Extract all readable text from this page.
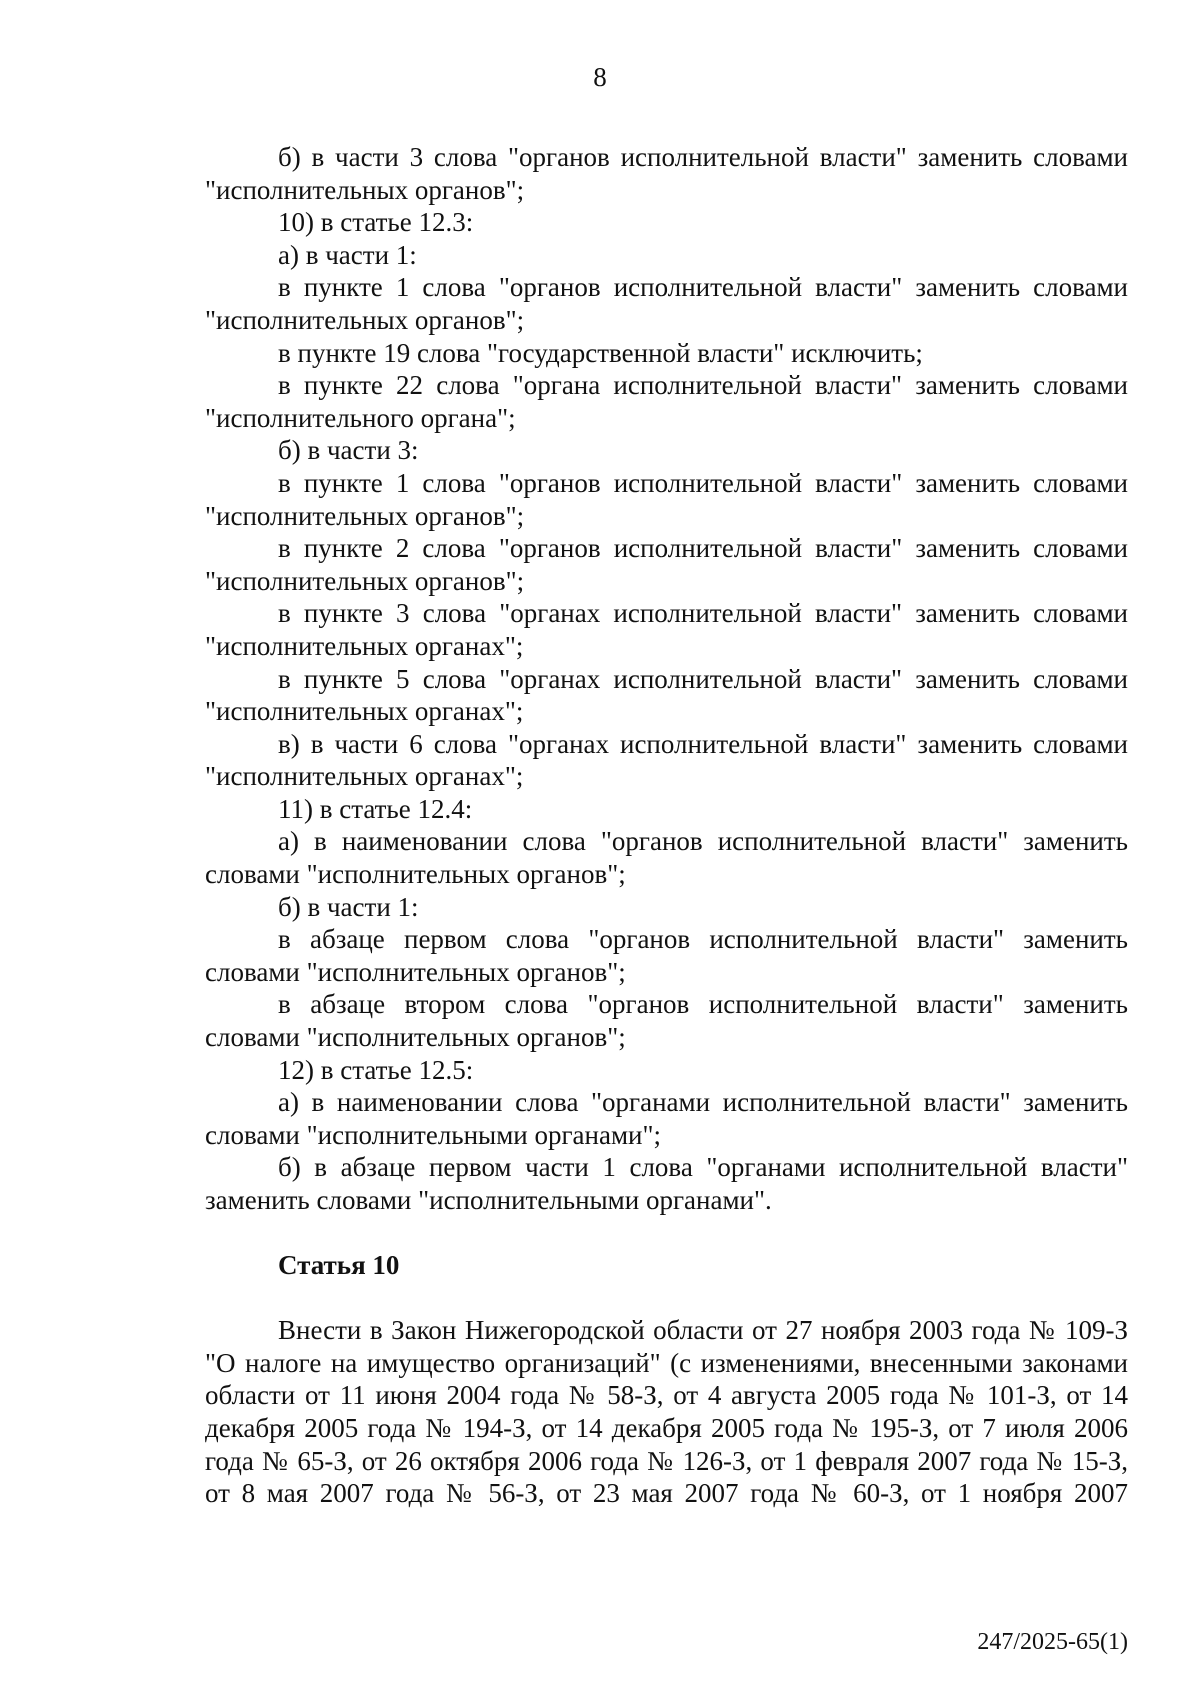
8

б) в части 3 слова "органов исполнительной власти" заменить словами "исполнительных органов";

10) в статье 12.3:

а) в части 1:

в пункте 1 слова "органов исполнительной власти" заменить словами "исполнительных органов";

в пункте 19 слова "государственной власти" исключить;

в пункте 22 слова "органа исполнительной власти" заменить словами "исполнительного органа";

б) в части 3:

в пункте 1 слова "органов исполнительной власти" заменить словами "исполнительных органов";

в пункте 2 слова "органов исполнительной власти" заменить словами "исполнительных органов";

в пункте 3 слова "органах исполнительной власти" заменить словами "исполнительных органах";

в пункте 5 слова "органах исполнительной власти" заменить словами "исполнительных органах";

в) в части 6 слова "органах исполнительной власти" заменить словами "исполнительных органах";

11) в статье 12.4:

а) в наименовании слова "органов исполнительной власти" заменить словами "исполнительных органов";

б) в части 1:

в абзаце первом слова "органов исполнительной власти" заменить словами "исполнительных органов";

в абзаце втором слова "органов исполнительной власти" заменить словами "исполнительных органов";

12) в статье 12.5:

а) в наименовании слова "органами исполнительной власти" заменить словами "исполнительными органами";

б) в абзаце первом части 1 слова "органами исполнительной власти" заменить словами "исполнительными органами".

Статья 10

Внести в Закон Нижегородской области от 27 ноября 2003 года № 109-З "О налоге на имущество организаций" (с изменениями, внесенными законами области от 11 июня 2004 года № 58-З, от 4 августа 2005 года № 101-З, от 14 декабря 2005 года № 194-З, от 14 декабря 2005 года № 195-З, от 7 июля 2006 года № 65-З, от 26 октября 2006 года № 126-З, от 1 февраля 2007 года № 15-З, от 8 мая 2007 года № 56-З, от 23 мая 2007 года № 60-З, от 1 ноября 2007

247/2025-65(1)
